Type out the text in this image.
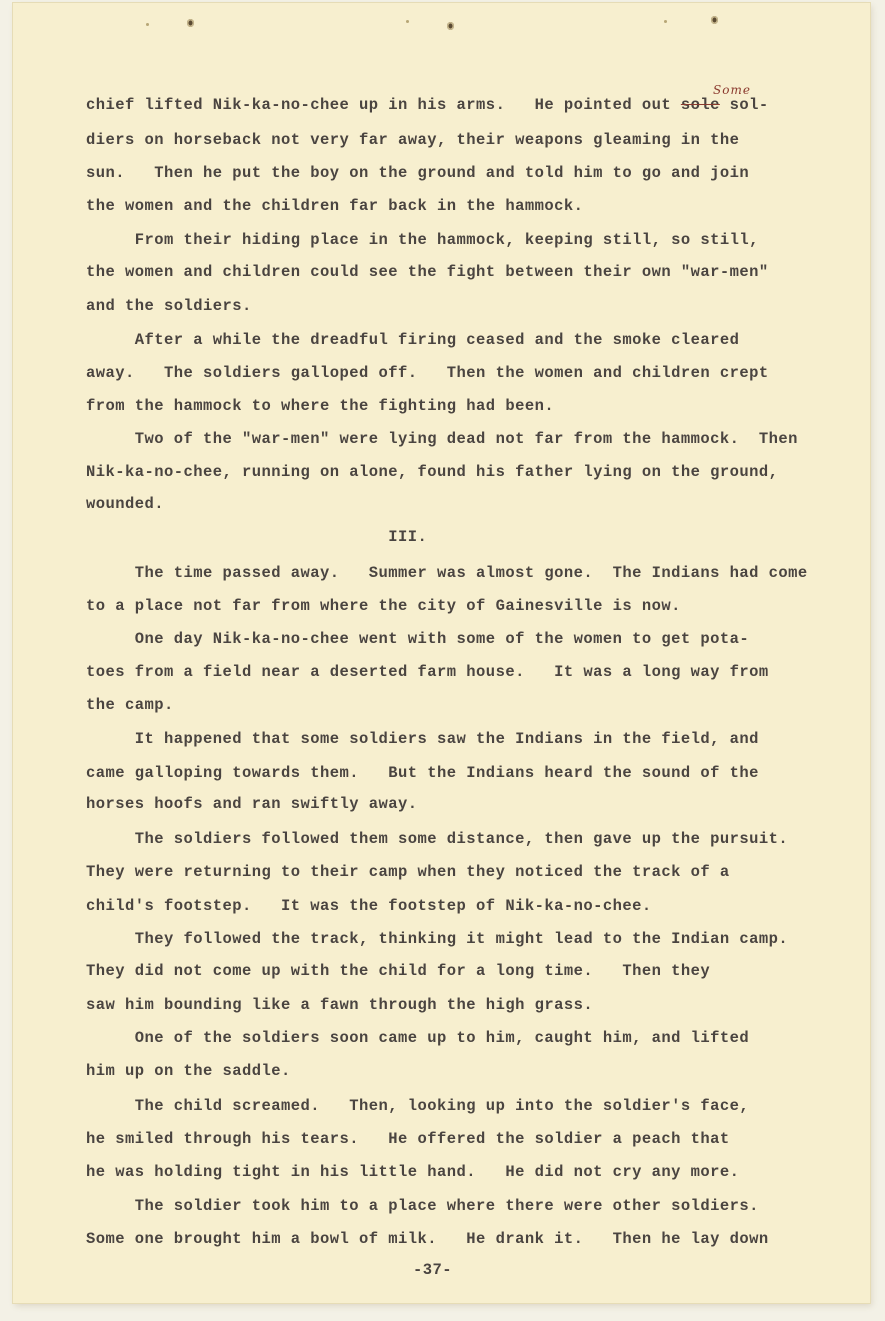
Some
chief lifted Nik-ka-no-chee up in his arms.   He pointed out sole sol-
diers on horseback not very far away, their weapons gleaming in the
sun.   Then he put the boy on the ground and told him to go and join
the women and the children far back in the hammock.
From their hiding place in the hammock, keeping still, so still,
the women and children could see the fight between their own "war-men"
and the soldiers.
After a while the dreadful firing ceased and the smoke cleared
away.   The soldiers galloped off.   Then the women and children crept
from the hammock to where the fighting had been.
Two of the "war-men" were lying dead not far from the hammock.  Then
Nik-ka-no-chee, running on alone, found his father lying on the ground,
wounded.
III.
The time passed away.   Summer was almost gone.  The Indians had come
to a place not far from where the city of Gainesville is now.
One day Nik-ka-no-chee went with some of the women to get pota-
toes from a field near a deserted farm house.   It was a long way from
the camp.
It happened that some soldiers saw the Indians in the field, and
came galloping towards them.   But the Indians heard the sound of the
horses hoofs and ran swiftly away.
The soldiers followed them some distance, then gave up the pursuit.
They were returning to their camp when they noticed the track of a
child's footstep.   It was the footstep of Nik-ka-no-chee.
They followed the track, thinking it might lead to the Indian camp.
They did not come up with the child for a long time.   Then they
saw him bounding like a fawn through the high grass.
One of the soldiers soon came up to him, caught him, and lifted
him up on the saddle.
The child screamed.   Then, looking up into the soldier's face,
he smiled through his tears.   He offered the soldier a peach that
he was holding tight in his little hand.   He did not cry any more.
The soldier took him to a place where there were other soldiers.
Some one brought him a bowl of milk.   He drank it.   Then he lay down
-37-
